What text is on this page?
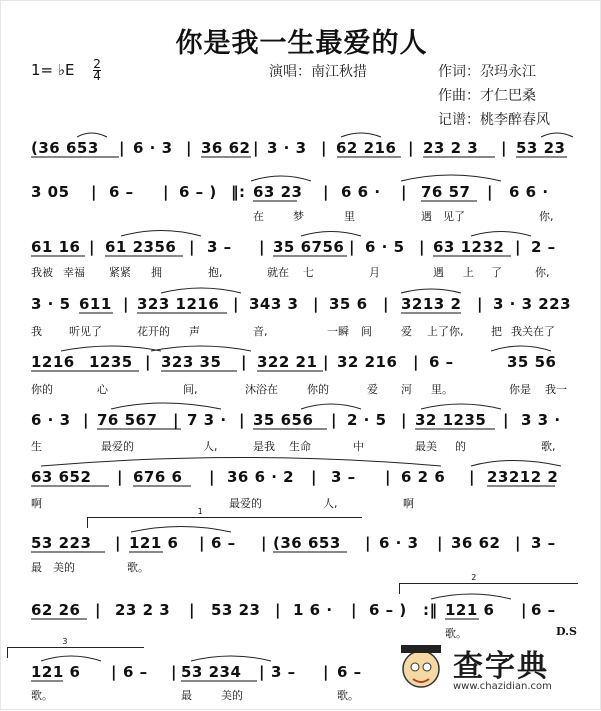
你是我一生最爱的人
1= ♭E $\frac{2}{4}$	演唱：南江秋措	作词：尕玛永江
作曲：才仁巴桑
记谱：桃李醉春风
(36 653 | 6 · 3 | 36 62 | 3 · 3 | 62 216 | 23 2 3 | 53 23
3 05 | 6 – | 6 – ) ‖: 63 23 | 6 6 · | 76 57 | 6 6 ·
在	梦	里	遇 见了	你,
61 16 | 61 2356 | 3 – | 35 6756 | 6 · 5 | 63 1232 | 2 –
我被 幸福 紧紧 拥	抱,	就在 七	月	遇 上 了	你,
3 · 5 611 | 323 1216 | 343 3 | 35 6 | 3213 2 | 3 · 3 223
我 听见了	花开的 声	音,	一瞬 间	爱 上了你,	把 我关在了
1216 1235 | 323 35 | 322 21 | 32 216 | 6 –	35 56
你的	心	间,	沐浴在	你的	爱 河 里。	你是 我一
6 · 3 | 76 567 | 7 3 · | 35 656 | 2 · 5 | 32 1235 | 3 3 ·
生	最爱的	人,	是我 生命	中	最美 的	歌,
63 652 | 676 6 | 36 6 · 2 | 3 – | 6 2 6 | 23212 2
啊	最爱的	人,	啊
1
53 223 | 121 6 | 6 – | (36 653 | 6 · 3 | 36 62 | 3 –
最 美的	歌。
2
62 26 | 23 2 3 | 53 23 | 1 6 · | 6 – ) :‖ 121 6 | 6 –
歌。	D.S
3
121 6 | 6 – | 53 234 | 3 – | 6 –
歌。	最	美的	歌。
查字典
www.chazidian.com
